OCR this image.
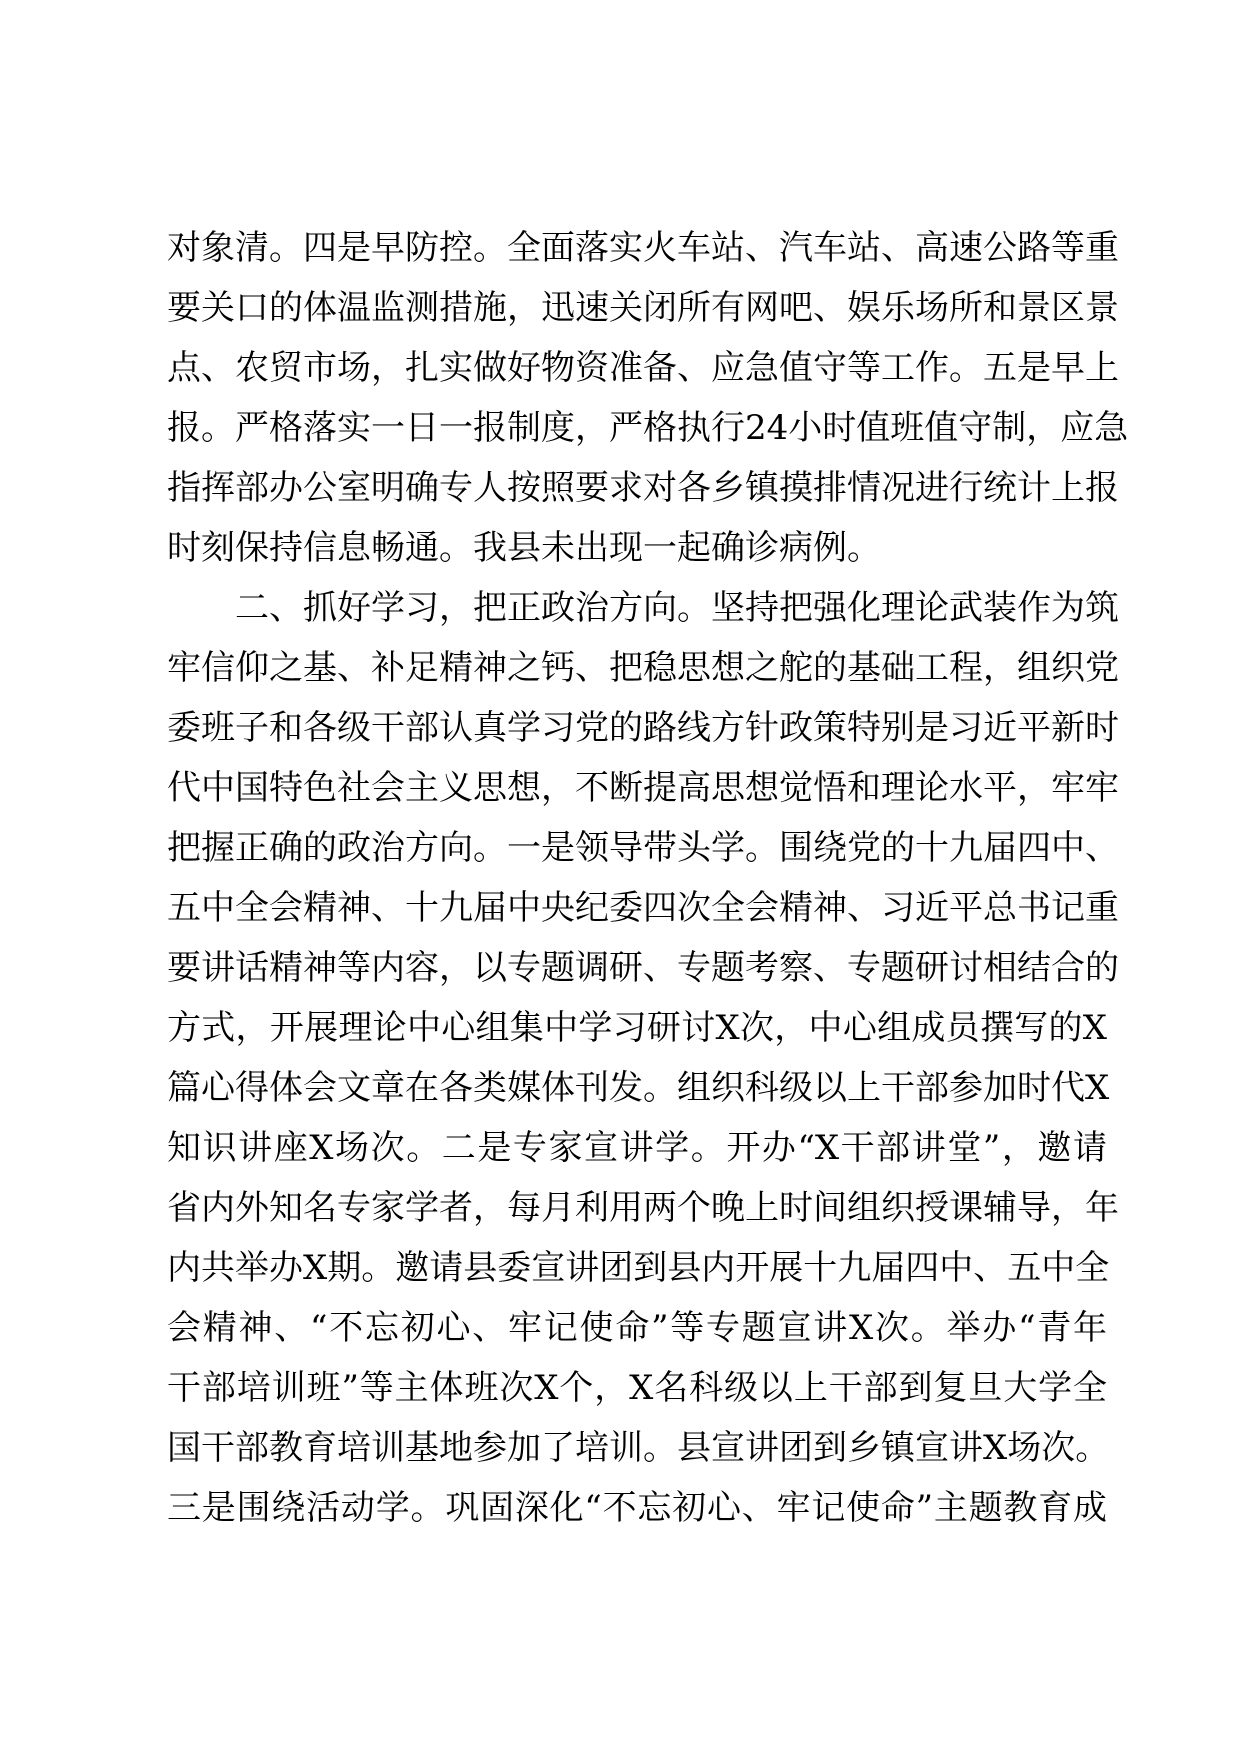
对象清。四是早防控。全面落实火车站、汽车站、高速公路等重
要关口的体温监测措施，迅速关闭所有网吧、娱乐场所和景区景
点、农贸市场，扎实做好物资准备、应急值守等工作。五是早上
报。严格落实一日一报制度，严格执行24小时值班值守制，应急
指挥部办公室明确专人按照要求对各乡镇摸排情况进行统计上报
时刻保持信息畅通。我县未出现一起确诊病例。
二、抓好学习，把正政治方向。坚持把强化理论武装作为筑
牢信仰之基、补足精神之钙、把稳思想之舵的基础工程，组织党
委班子和各级干部认真学习党的路线方针政策特别是习近平新时
代中国特色社会主义思想，不断提高思想觉悟和理论水平，牢牢
把握正确的政治方向。一是领导带头学。围绕党的十九届四中、
五中全会精神、十九届中央纪委四次全会精神、习近平总书记重
要讲话精神等内容，以专题调研、专题考察、专题研讨相结合的
方式，开展理论中心组集中学习研讨X次，中心组成员撰写的X
篇心得体会文章在各类媒体刊发。组织科级以上干部参加时代X
知识讲座X场次。二是专家宣讲学。开办“X干部讲堂”，邀请
省内外知名专家学者，每月利用两个晚上时间组织授课辅导，年
内共举办X期。邀请县委宣讲团到县内开展十九届四中、五中全
会精神、“不忘初心、牢记使命”等专题宣讲X次。举办“青年
干部培训班”等主体班次X个，X名科级以上干部到复旦大学全
国干部教育培训基地参加了培训。县宣讲团到乡镇宣讲X场次。
三是围绕活动学。巩固深化“不忘初心、牢记使命”主题教育成
